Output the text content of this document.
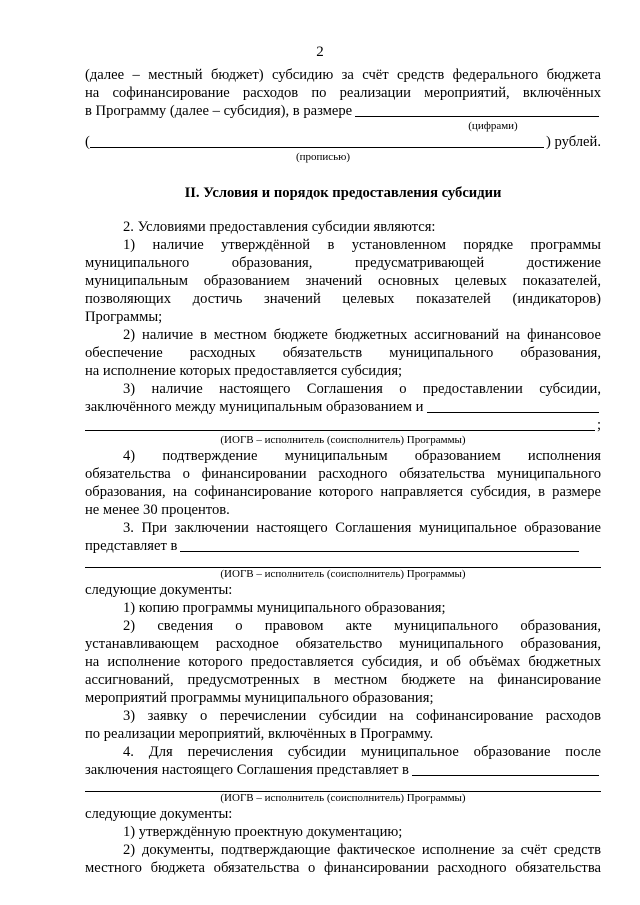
2

(далее – местный бюджет) субсидию за счёт средств федерального бюджета

на софинансирование расходов по реализации мероприятий, включённых

в Программу (далее – субсидия), в размере
(цифрами)
(	) рублей.
(прописью)
II. Условия и порядок предоставления субсидии

2. Условиями предоставления субсидии являются:

1) наличие утверждённой в установленном порядке программы

муниципального образования, предусматривающей достижение

муниципальным образованием значений основных целевых показателей,

позволяющих достичь значений целевых показателей (индикаторов)

Программы;

2) наличие в местном бюджете бюджетных ассигнований на финансовое

обеспечение расходных обязательств муниципального образования,

на исполнение которых предоставляется субсидия;

3) наличие настоящего Соглашения о предоставлении субсидии,

заключённого между муниципальным образованием и
;
(ИОГВ – исполнитель (соисполнитель) Программы)

4) подтверждение муниципальным образованием исполнения

обязательства о финансировании расходного обязательства муниципального

образования, на софинансирование которого направляется субсидия, в размере

не менее 30 процентов.

3. При заключении настоящего Соглашения муниципальное образование

представляет в
(ИОГВ – исполнитель (соисполнитель) Программы)

следующие документы:

1) копию программы муниципального образования;

2) сведения о правовом акте муниципального образования,

устанавливающем расходное обязательство муниципального образования,

на исполнение которого предоставляется субсидия, и об объёмах бюджетных

ассигнований, предусмотренных в местном бюджете на финансирование

мероприятий программы муниципального образования;

3) заявку о перечислении субсидии на софинансирование расходов

по реализации мероприятий, включённых в Программу.

4. Для перечисления субсидии муниципальное образование после

заключения настоящего Соглашения представляет в
(ИОГВ – исполнитель (соисполнитель) Программы)

следующие документы:

1) утверждённую проектную документацию;

2) документы, подтверждающие фактическое исполнение за счёт средств

местного бюджета обязательства о финансировании расходного обязательства
